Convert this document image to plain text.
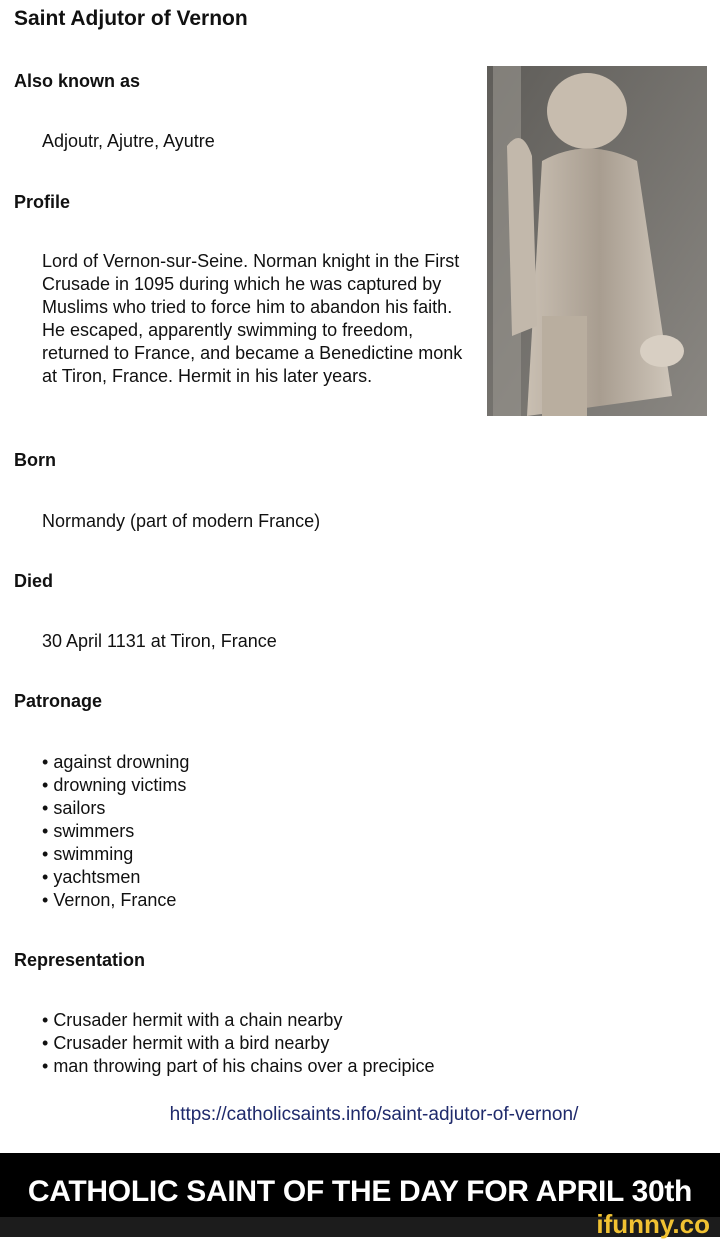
Saint Adjutor of Vernon
Also known as
Adjoutr, Ajutre, Ayutre
Profile
Lord of Vernon-sur-Seine. Norman knight in the First Crusade in 1095 during which he was captured by Muslims who tried to force him to abandon his faith. He escaped, apparently swimming to freedom, returned to France, and became a Benedictine monk at Tiron, France. Hermit in his later years.
Born
Normandy (part of modern France)
Died
30 April 1131 at Tiron, France
Patronage
• against drowning
• drowning victims
• sailors
• swimmers
• swimming
• yachtsmen
• Vernon, France
Representation
• Crusader hermit with a chain nearby
• Crusader hermit with a bird nearby
• man throwing part of his chains over a precipice
https://catholicsaints.info/saint-adjutor-of-vernon/
CATHOLIC SAINT OF THE DAY FOR APRIL 30th
ifunny.co
